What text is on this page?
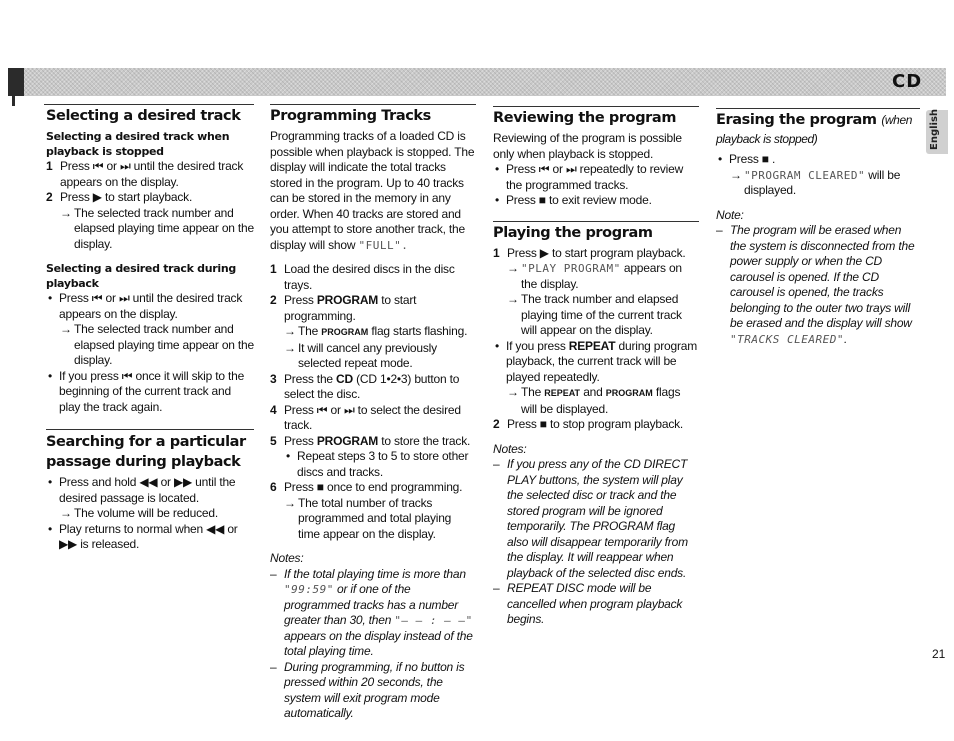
CD
English
Selecting a desired track
Selecting a desired track when playback is stopped

1 Press ⏮ or ⏭ until the desired track appears on the display.

2 Press ▶ to start playback.

→ The selected track number and elapsed playing time appear on the display.

Selecting a desired track during playback

• Press ⏮ or ⏭ until the desired track appears on the display.

→ The selected track number and elapsed playing time appear on the display.

• If you press ⏮ once it will skip to the beginning of the current track and play the track again.

Searching for a particular passage during playback

• Press and hold ◀◀ or ▶▶ until the desired passage is located.

→ The volume will be reduced.

• Play returns to normal when ◀◀ or ▶▶ is released.

Programming Tracks

Programming tracks of a loaded CD is possible when playback is stopped. The display will indicate the total tracks stored in the program. Up to 40 tracks can be stored in the memory in any order. When 40 tracks are stored and you attempt to store another track, the display will show "FULL".

1 Load the desired discs in the disc trays.

2 Press PROGRAM to start programming.

→ The PROGRAM flag starts flashing.

→ It will cancel any previously selected repeat mode.

3 Press the CD (CD 1•2•3) button to select the disc.

4 Press ⏮ or ⏭ to select the desired track.

5 Press PROGRAM to store the track.

• Repeat steps 3 to 5 to store other discs and tracks.

6 Press ■ once to end programming.

→ The total number of tracks programmed and total playing time appear on the display.

Notes:

– If the total playing time is more than "99:59" or if one of the programmed tracks has a number greater than 30, then "– – : – –" appears on the display instead of the total playing time.

– During programming, if no button is pressed within 20 seconds, the system will exit program mode automatically.

Reviewing the program

Reviewing of the program is possible only when playback is stopped.

• Press ⏮ or ⏭ repeatedly to review the programmed tracks.

• Press ■ to exit review mode.

Playing the program

1 Press ▶ to start program playback.

→ "PLAY PROGRAM" appears on the display.

→ The track number and elapsed playing time of the current track will appear on the display.

• If you press REPEAT during program playback, the current track will be played repeatedly.

→ The REPEAT and PROGRAM flags will be displayed.

2 Press ■ to stop program playback.

Notes:

– If you press any of the CD DIRECT PLAY buttons, the system will play the selected disc or track and the stored program will be ignored temporarily. The PROGRAM flag also will disappear temporarily from the display. It will reappear when playback of the selected disc ends.

– REPEAT DISC mode will be cancelled when program playback begins.

Erasing the program (when playback is stopped)

• Press ■ .

→ "PROGRAM CLEARED" will be displayed.

Note:

– The program will be erased when the system is disconnected from the power supply or when the CD carousel is opened. If the CD carousel is opened, the tracks belonging to the outer two trays will be erased and the display will show "TRACKS CLEARED".

21
